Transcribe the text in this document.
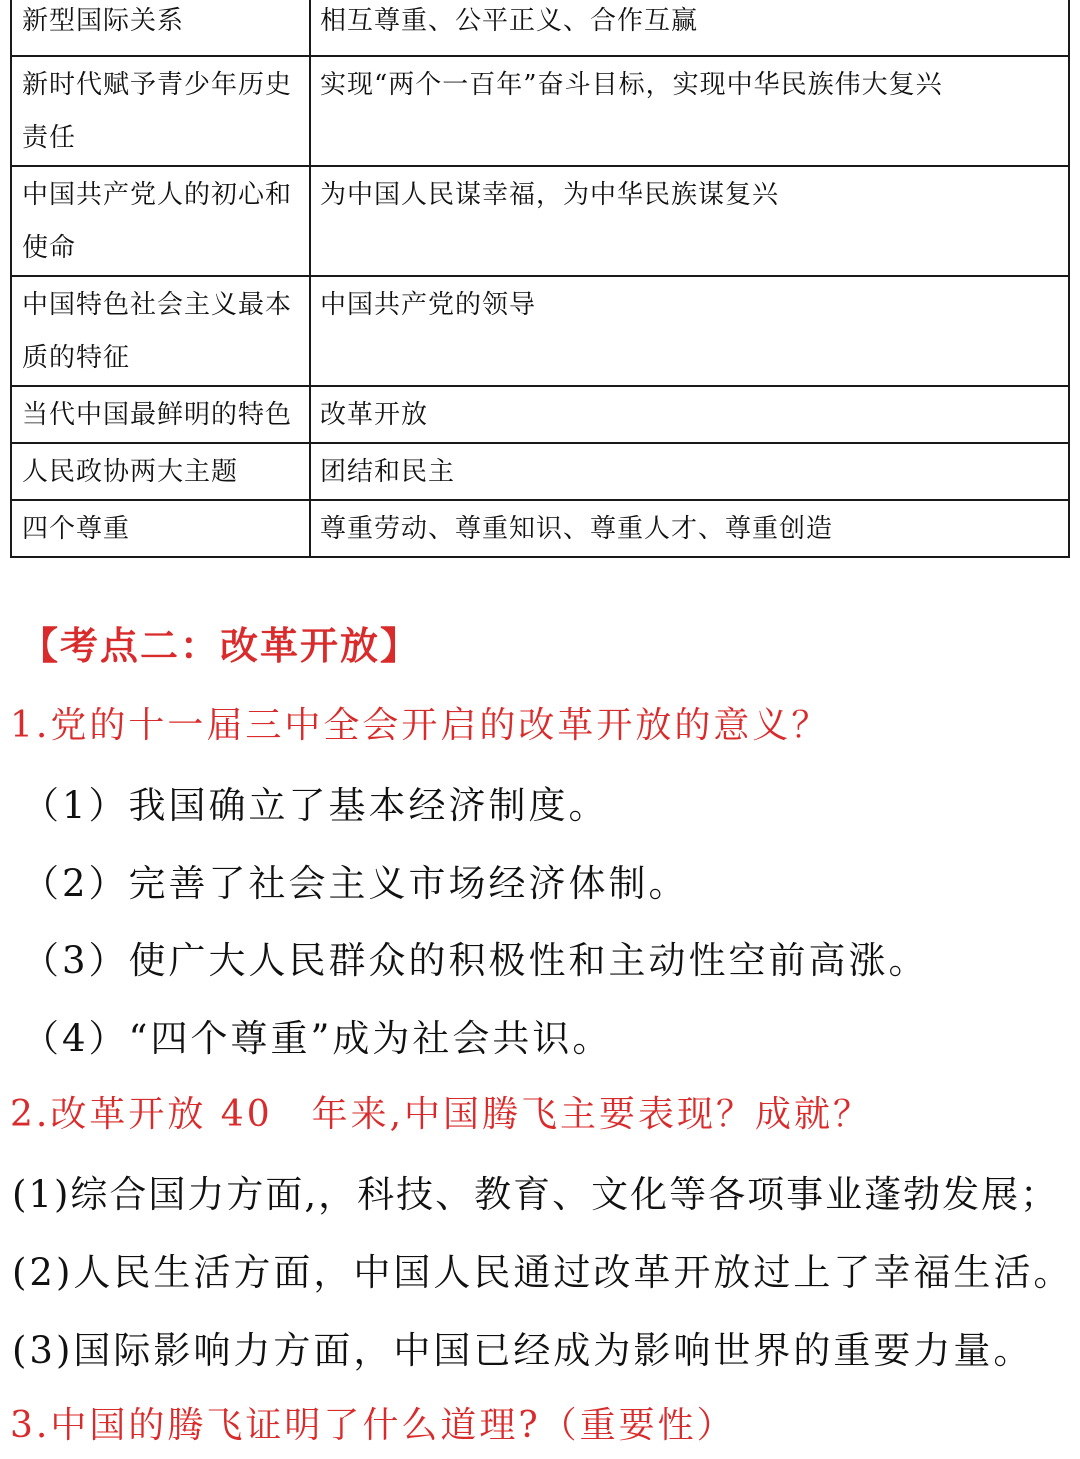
新型国际关系	相互尊重、公平正义、合作互赢
新时代赋予青少年历史责任	实现“两个一百年”奋斗目标，实现中华民族伟大复兴
中国共产党人的初心和使命	为中国人民谋幸福，为中华民族谋复兴
中国特色社会主义最本质的特征	中国共产党的领导
当代中国最鲜明的特色	改革开放
人民政协两大主题	团结和民主
四个尊重	尊重劳动、尊重知识、尊重人才、尊重创造
【考点二：改革开放】

1.党的十一届三中全会开启的改革开放的意义？

（1）我国确立了基本经济制度。

（2）完善了社会主义市场经济体制。

（3）使广大人民群众的积极性和主动性空前高涨。

（4）“四个尊重”成为社会共识。

2.改革开放 40　年来,中国腾飞主要表现？成就？

(1)综合国力方面,，科技、教育、文化等各项事业蓬勃发展；

(2)人民生活方面，中国人民通过改革开放过上了幸福生活。

(3)国际影响力方面，中国已经成为影响世界的重要力量。

3.中国的腾飞证明了什么道理?（重要性）
